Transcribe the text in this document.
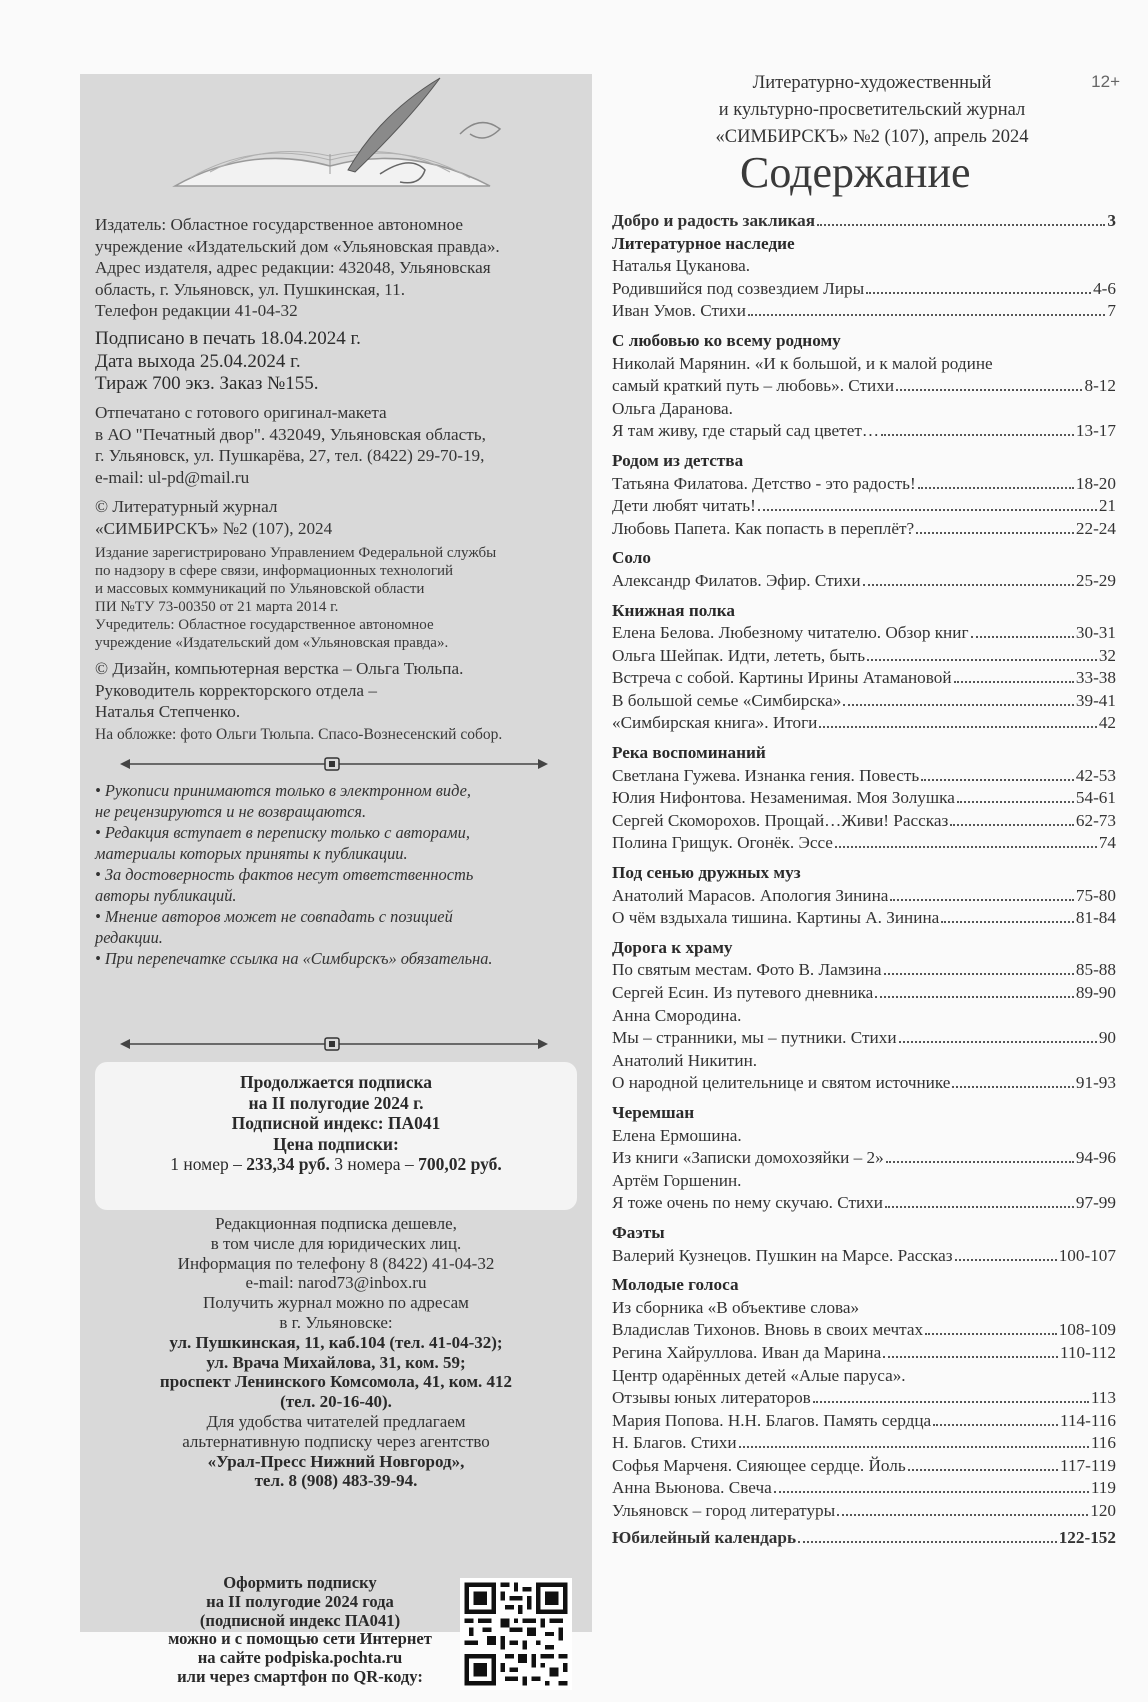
Издатель: Областное государственное автономное

учреждение «Издательский дом «Ульяновская правда».

Адрес издателя, адрес редакции: 432048, Ульяновская

область, г. Ульяновск, ул. Пушкинская, 11.

Телефон редакции 41-04-32

Подписано в печать 18.04.2024 г.

Дата выхода 25.04.2024 г.

Тираж 700 экз. Заказ №155.

Отпечатано с готового оригинал-макета

в АО "Печатный двор". 432049, Ульяновская область,

г. Ульяновск, ул. Пушкарёва, 27, тел. (8422) 29-70-19,

e-mail: ul-pd@mail.ru

© Литературный журнал

«СИМБИРСКЪ» №2 (107), 2024

Издание зарегистрировано Управлением Федеральной службы

по надзору в сфере связи, информационных технологий

и массовых коммуникаций по Ульяновской области

ПИ №ТУ 73-00350 от 21 марта 2014 г.

Учредитель: Областное государственное автономное

учреждение «Издательский дом «Ульяновская правда».

© Дизайн, компьютерная верстка – Ольга Тюльпа.

Руководитель корректорского отдела –

Наталья Степченко.

На обложке: фото Ольги Тюльпа. Спасо-Вознесенский собор.

• Рукописи принимаются только в электронном виде,

не рецензируются и не возвращаются.

• Редакция вступает в переписку только с авторами,

материалы которых приняты к публикации.

• За достоверность фактов несут ответственность

авторы публикаций.

• Мнение авторов может не совпадать с позицией

редакции.

• При перепечатке ссылка на «Симбирскъ» обязательна.

Продолжается подписка

на II полугодие 2024 г.

Подписной индекс: ПА041

Цена подписки:

1 номер – 233,34 руб. 3 номера – 700,02 руб.

Редакционная подписка дешевле,

в том числе для юридических лиц.

Информация по телефону 8 (8422) 41-04-32

e-mail: narod73@inbox.ru

Получить журнал можно по адресам

в г. Ульяновске:

ул. Пушкинская, 11, каб.104 (тел. 41-04-32);

ул. Врача Михайлова, 31, ком. 59;

проспект Ленинского Комсомола, 41, ком. 412

(тел. 20-16-40).

Для удобства читателей предлагаем

альтернативную подписку через агентство

«Урал-Пресс Нижний Новгород»,

тел. 8 (908) 483-39-94.

Оформить подписку

на II полугодие 2024 года

(подписной индекс ПА041)

можно и с помощью сети Интернет

на сайте podpiska.pochta.ru

или через смартфон по QR-коду:

Литературно-художественный

и культурно-просветительский журнал

«СИМБИРСКЪ» №2 (107), апрель 2024

12+
Содержание
Добро и радость закликая	3

Литературное наследие

Наталья Цуканова.

Родившийся под созвездием Лиры	4-6
Иван Умов. Стихи	7

С любовью ко всему родному

Николай Марянин. «И к большой, и к малой родине

самый краткий путь – любовь». Стихи	8-12

Ольга Даранова.

Я там живу, где старый сад цветет…	13-17

Родом из детства

Татьяна Филатова. Детство - это радость!	18-20
Дети любят читать!	21
Любовь Папета. Как попасть в переплёт?	22-24

Соло

Александр Филатов. Эфир. Стихи	25-29

Книжная полка

Елена Белова. Любезному читателю. Обзор книг	30-31
Ольга Шейпак. Идти, лететь, быть	32
Встреча с собой. Картины Ирины Атамановой	33-38
В большой семье «Симбирска»	39-41
«Симбирская книга». Итоги	42

Река воспоминаний

Светлана Гужева. Изнанка гения. Повесть	42-53
Юлия Нифонтова. Незаменимая. Моя Золушка	54-61
Сергей Скоморохов. Прощай…Живи! Рассказ	62-73
Полина Грищук. Огонёк. Эссе	74

Под сенью дружных муз

Анатолий Марасов. Апология Зинина	75-80
О чём вздыхала тишина. Картины А. Зинина	81-84

Дорога к храму

По святым местам. Фото В. Ламзина	85-88
Сергей Есин. Из путевого дневника	89-90

Анна Смородина.

Мы – странники, мы – путники. Стихи	90

Анатолий Никитин.

О народной целительнице и святом источнике	91-93

Черемшан

Елена Ермошина.

Из книги «Записки домохозяйки – 2»	94-96

Артём Горшенин.

Я тоже очень по нему скучаю. Стихи	97-99

Фаэты

Валерий Кузнецов. Пушкин на Марсе. Рассказ	100-107

Молодые голоса

Из сборника «В объективе слова»

Владислав Тихонов. Вновь в своих мечтах	108-109
Регина Хайруллова. Иван да Марина	110-112

Центр одарённых детей «Алые паруса».

Отзывы юных литераторов	113
Мария Попова. Н.Н. Благов. Память сердца	114-116
Н. Благов. Стихи	116
Софья Марченя. Сияющее сердце. Йоль	117-119
Анна Вьюнова. Свеча	119
Ульяновск – город литературы	120
Юбилейный календарь	122-152
